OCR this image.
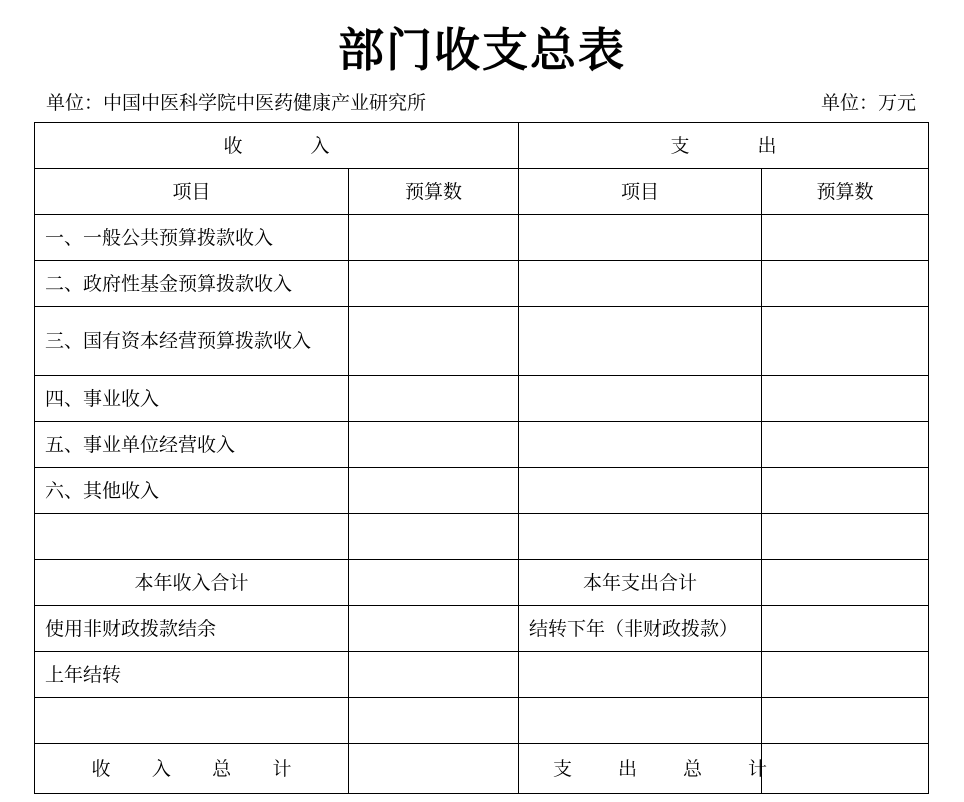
部门收支总表
单位：中国中医科学院中医药健康产业研究所	单位：万元
收 入		支 出	

项目	预算数	项目	预算数
一、一般公共预算拨款收入			
二、政府性基金预算拨款收入			
三、国有资本经营预算拨款收入			
四、事业收入			
五、事业单位经营收入			
六、其他收入			

本年收入合计		本年支出合计	
使用非财政拨款结余		结转下年（非财政拨款）	
上年结转			

收 入 总 计		支 出 总 计	
